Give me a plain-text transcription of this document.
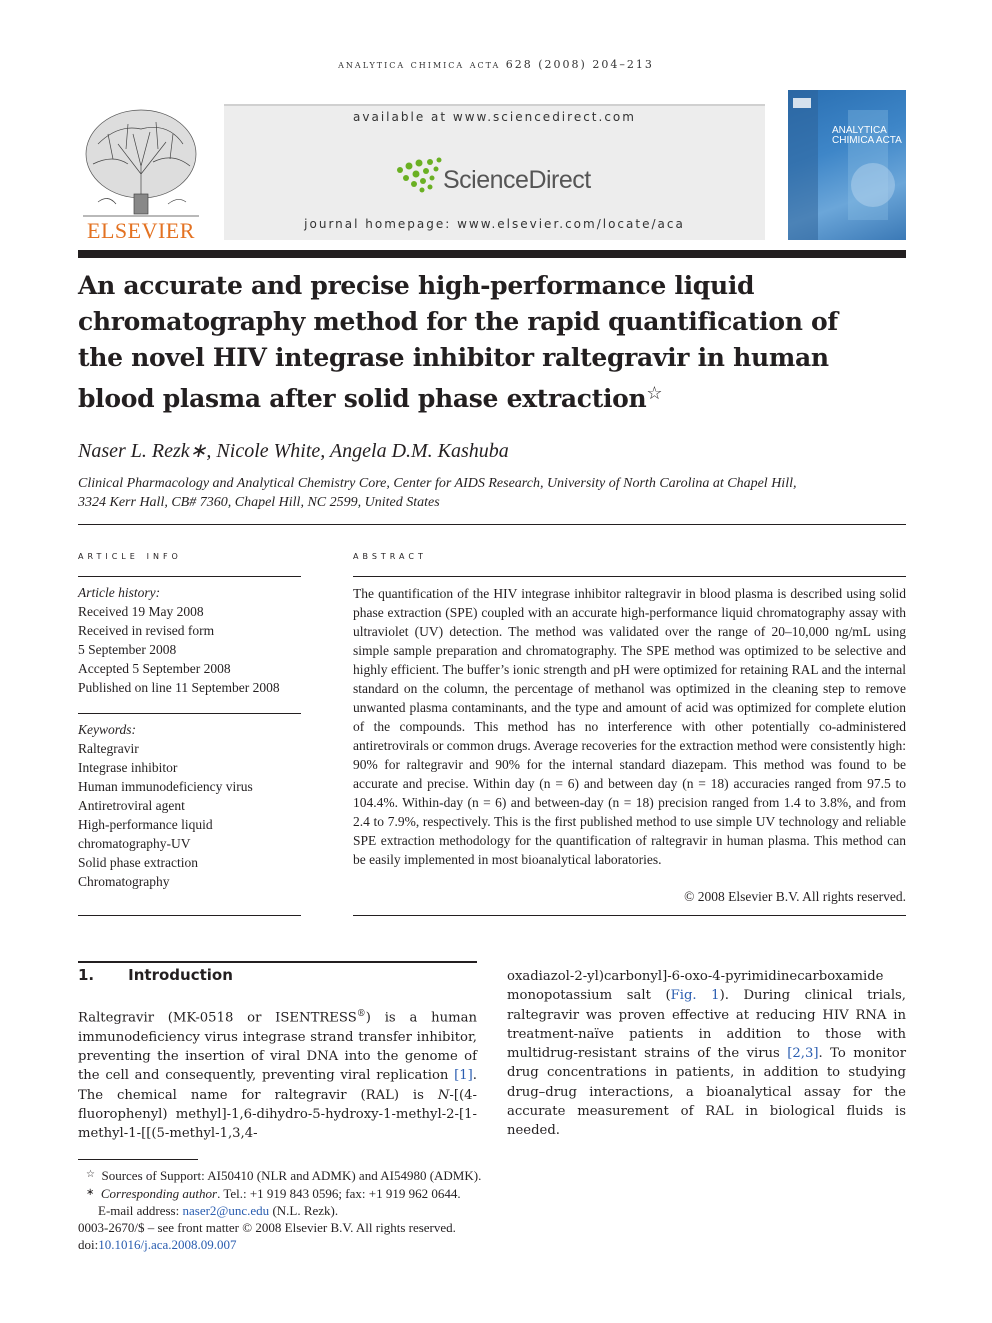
analytica chimica acta 628 (2008) 204–213
ELSEVIER
available at www.sciencedirect.com
ScienceDirect
journal homepage: www.elsevier.com/locate/aca
ANALYTICA CHIMICA ACTA
An accurate and precise high-performance liquid chromatography method for the rapid quantification of the novel HIV integrase inhibitor raltegravir in human blood plasma after solid phase extraction☆
Naser L. Rezk∗, Nicole White, Angela D.M. Kashuba
Clinical Pharmacology and Analytical Chemistry Core, Center for AIDS Research, University of North Carolina at Chapel Hill,
3324 Kerr Hall, CB# 7360, Chapel Hill, NC 2599, United States
article info
Article history:
Received 19 May 2008
Received in revised form
5 September 2008
Accepted 5 September 2008
Published on line 11 September 2008
Keywords:
Raltegravir
Integrase inhibitor
Human immunodeficiency virus
Antiretroviral agent
High-performance liquid
chromatography-UV
Solid phase extraction
Chromatography
abstract
The quantification of the HIV integrase inhibitor raltegravir in blood plasma is described using solid phase extraction (SPE) coupled with an accurate high-performance liquid chromatography assay with ultraviolet (UV) detection. The method was validated over the range of 20–10,000 ng/mL using simple sample preparation and chromatography. The SPE method was optimized to be selective and highly efficient. The buffer’s ionic strength and pH were optimized for retaining RAL and the internal standard on the column, the percentage of methanol was optimized in the cleaning step to remove unwanted plasma contaminants, and the type and amount of acid was optimized for complete elution of the compounds. This method has no interference with other potentially co-administered antiretrovirals or common drugs. Average recoveries for the extraction method were consistently high: 90% for raltegravir and 90% for the internal standard diazepam. This method was found to be accurate and precise. Within day (n = 6) and between day (n = 18) accuracies ranged from 97.5 to 104.4%. Within-day (n = 6) and between-day (n = 18) precision ranged from 1.4 to 3.8%, and from 2.4 to 7.9%, respectively. This is the first published method to use simple UV technology and reliable SPE extraction methodology for the quantification of raltegravir in human plasma. This method can be easily implemented in most bioanalytical laboratories.
© 2008 Elsevier B.V. All rights reserved.
1. Introduction
Raltegravir (MK-0518 or ISENTRESS®) is a human immunodeficiency virus integrase strand transfer inhibitor, preventing the insertion of viral DNA into the genome of the cell and consequently, preventing viral replication [1]. The chemical name for raltegravir (RAL) is N-[(4-fluorophenyl) methyl]-1,6-dihydro-5-hydroxy-1-methyl-2-[1-methyl-1-[[(5-methyl-1,3,4-
oxadiazol-2-yl)carbonyl]-6-oxo-4-pyrimidinecarboxamide monopotassium salt (Fig. 1). During clinical trials, raltegravir was proven effective at reducing HIV RNA in treatment-naïve patients in addition to those with multidrug-resistant strains of the virus [2,3]. To monitor drug concentrations in patients, in addition to studying drug–drug interactions, a bioanalytical assay for the accurate measurement of RAL in biological fluids is needed.
☆ Sources of Support: AI50410 (NLR and ADMK) and AI54980 (ADMK).
∗ Corresponding author. Tel.: +1 919 843 0596; fax: +1 919 962 0644.
E-mail address: naser2@unc.edu (N.L. Rezk).
0003-2670/$ – see front matter © 2008 Elsevier B.V. All rights reserved.
doi:10.1016/j.aca.2008.09.007
